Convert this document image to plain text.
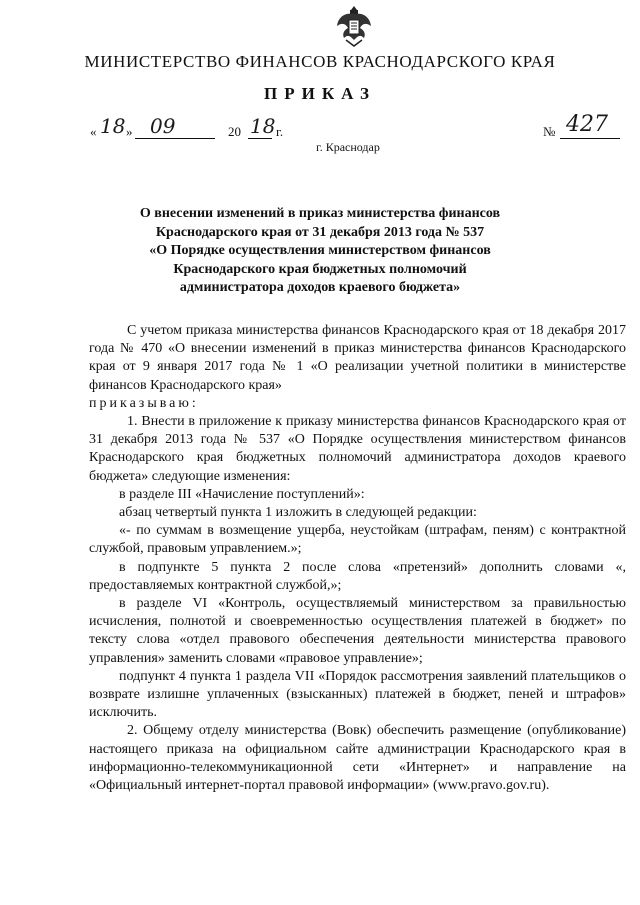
МИНИСТЕРСТВО ФИНАНСОВ КРАСНОДАРСКОГО КРАЯ
ПРИКАЗ
« 18 » 09	20 18 г.	№ 427
г. Краснодар
О внесении изменений в приказ министерства финансов
Краснодарского края от 31 декабря 2013 года № 537
«О Порядке осуществления министерством финансов
Краснодарского края бюджетных полномочий
администратора доходов краевого бюджета»

С учетом приказа министерства финансов Краснодарского края от 18 декабря 2017 года № 470 «О внесении изменений в приказ министерства финансов Краснодарского края от 9 января 2017 года № 1 «О реализации учетной политики в министерстве финансов Краснодарского края»

приказываю:

1. Внести в приложение к приказу министерства финансов Краснодарского края от 31 декабря 2013 года № 537 «О Порядке осуществления министерством финансов Краснодарского края бюджетных полномочий администратора доходов краевого бюджета» следующие изменения:

в разделе III «Начисление поступлений»:

абзац четвертый пункта 1 изложить в следующей редакции:

«- по суммам в возмещение ущерба, неустойкам (штрафам, пеням) с контрактной службой, правовым управлением.»;

в подпункте 5 пункта 2 после слова «претензий» дополнить словами «, предоставляемых контрактной службой,»;

в разделе VI «Контроль, осуществляемый министерством за правильностью исчисления, полнотой и своевременностью осуществления платежей в бюджет» по тексту слова «отдел правового обеспечения деятельности министерства правового управления» заменить словами «правовое управление»;

подпункт 4 пункта 1 раздела VII «Порядок рассмотрения заявлений плательщиков о возврате излишне уплаченных (взысканных) платежей в бюджет, пеней и штрафов» исключить.

2. Общему отделу министерства (Вовк) обеспечить размещение (опубликование) настоящего приказа на официальном сайте администрации Краснодарского края в информационно-телекоммуникационной сети «Интернет» и направление на «Официальный интернет-портал правовой информации» (www.pravo.gov.ru).
